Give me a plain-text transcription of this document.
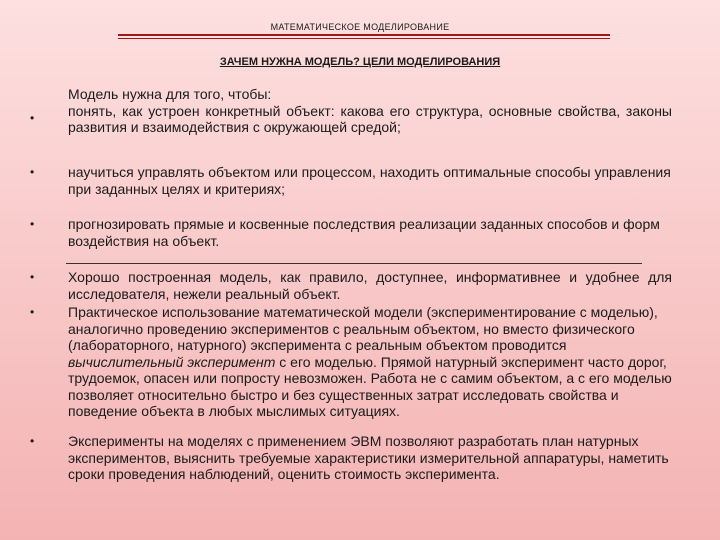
МАТЕМАТИЧЕСКОЕ МОДЕЛИРОВАНИЕ
ЗАЧЕМ НУЖНА МОДЕЛЬ? ЦЕЛИ МОДЕЛИРОВАНИЯ
•
Модель нужна для того, чтобы:
понять, как устроен конкретный объект: какова его структура, основные свойства, законы развития и взаимодействия с окружающей средой;
• научиться управлять объектом или процессом, находить оптимальные способы управления при заданных целях и критериях;
• прогнозировать прямые и косвенные последствия реализации заданных способов и форм воздействия на объект.
• Хорошо построенная модель, как правило, доступнее, информативнее и удобнее для исследователя, нежели реальный объект.
• Практическое использование математической модели (экспериментирование с моделью), аналогично проведению экспериментов с реальным объектом, но вместо физического (лабораторного, натурного) эксперимента с реальным объектом проводится вычислительный эксперимент с его моделью. Прямой натурный эксперимент часто дорог, трудоемок, опасен или попросту невозможен. Работа не с самим объектом, а с его моделью позволяет относительно быстро и без существенных затрат исследовать свойства и поведение объекта в любых мыслимых ситуациях.
• Эксперименты на моделях с применением ЭВМ позволяют разработать план натурных экспериментов, выяснить требуемые характеристики измерительной аппаратуры, наметить сроки проведения наблюдений, оценить стоимость эксперимента.
